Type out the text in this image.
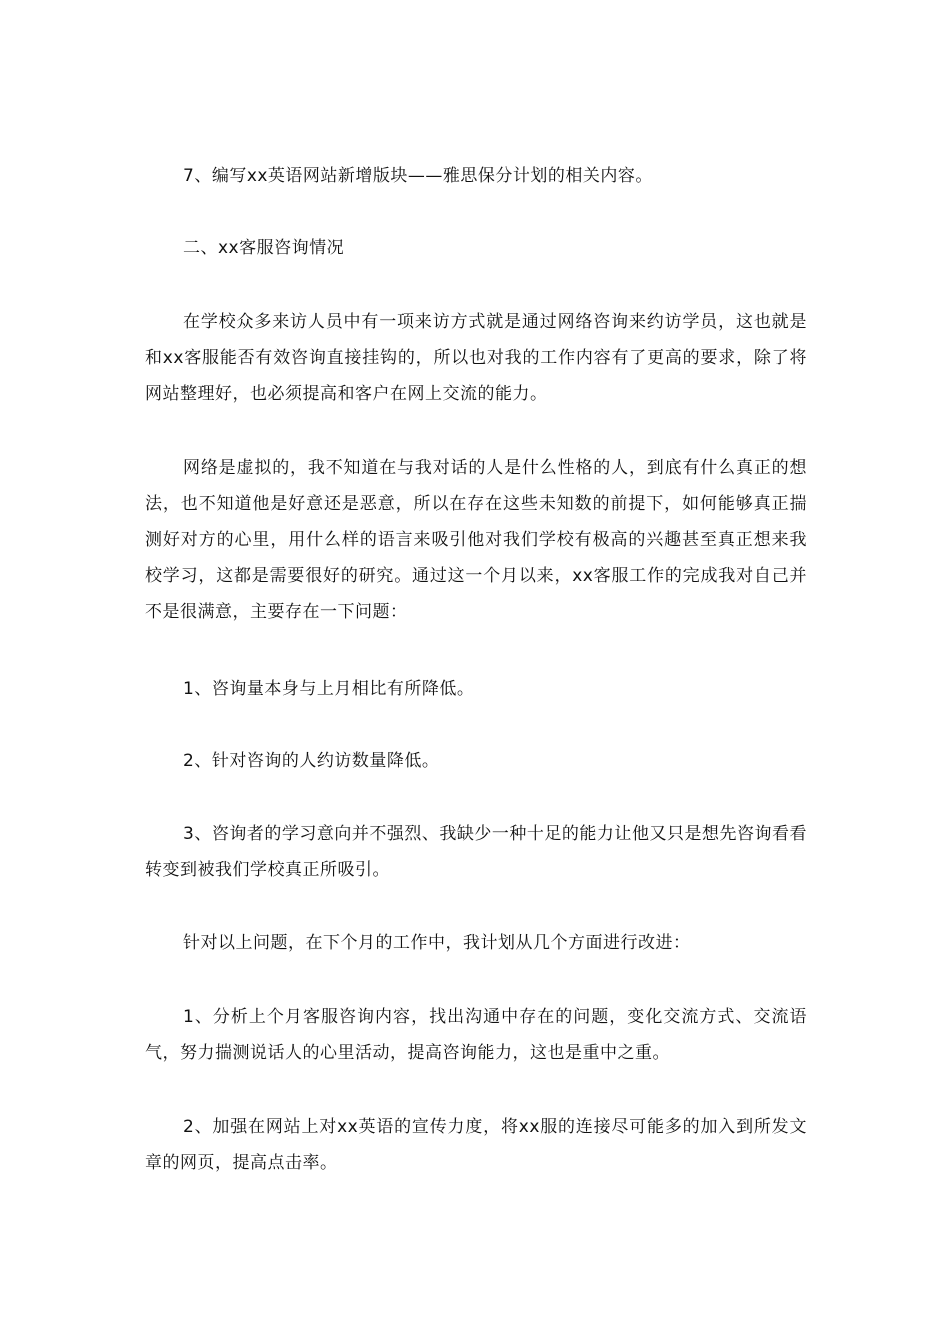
7、编写xx英语网站新增版块——雅思保分计划的相关内容。

二、xx客服咨询情况

在学校众多来访人员中有一项来访方式就是通过网络咨询来约访学员，这也就是和xx客服能否有效咨询直接挂钩的，所以也对我的工作内容有了更高的要求，除了将网站整理好，也必须提高和客户在网上交流的能力。

网络是虚拟的，我不知道在与我对话的人是什么性格的人，到底有什么真正的想法，也不知道他是好意还是恶意，所以在存在这些未知数的前提下，如何能够真正揣测好对方的心里，用什么样的语言来吸引他对我们学校有极高的兴趣甚至真正想来我校学习，这都是需要很好的研究。通过这一个月以来，xx客服工作的完成我对自己并不是很满意，主要存在一下问题：

1、咨询量本身与上月相比有所降低。

2、针对咨询的人约访数量降低。

3、咨询者的学习意向并不强烈、我缺少一种十足的能力让他又只是想先咨询看看转变到被我们学校真正所吸引。

针对以上问题，在下个月的工作中，我计划从几个方面进行改进：

1、分析上个月客服咨询内容，找出沟通中存在的问题，变化交流方式、交流语气，努力揣测说话人的心里活动，提高咨询能力，这也是重中之重。

2、加强在网站上对xx英语的宣传力度，将xx服的连接尽可能多的加入到所发文章的网页，提高点击率。
